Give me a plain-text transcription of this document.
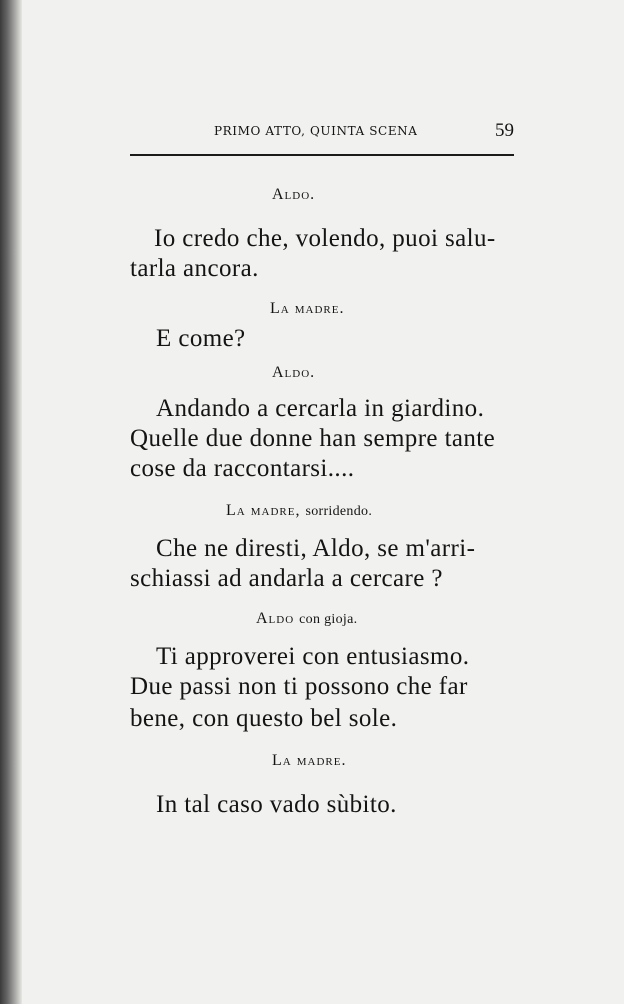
PRIMO ATTO, QUINTA SCENA	59
Aldo.
Io credo che, volendo, puoi salu-
tarla ancora.
La madre.
E come?
Aldo.
Andando a cercarla in giardino.
Quelle due donne han sempre tante
cose da raccontarsi....
La madre, sorridendo.
Che ne diresti, Aldo, se m'arri-
schiassi ad andarla a cercare ?
Aldo con gioja.
Ti approverei con entusiasmo.
Due passi non ti possono che far
bene, con questo bel sole.
La madre.
In tal caso vado sùbito.
